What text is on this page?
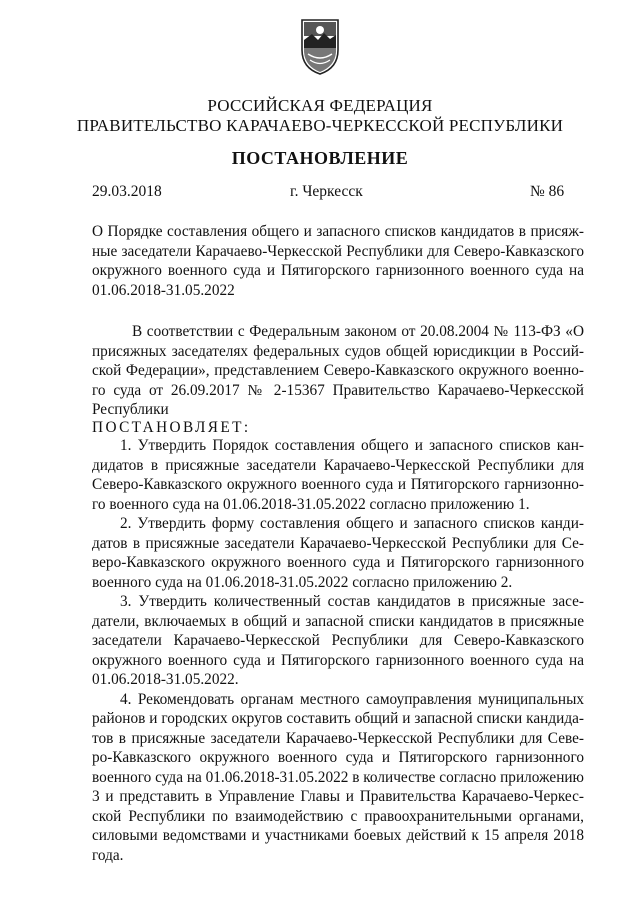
РОССИЙСКАЯ ФЕДЕРАЦИЯ
ПРАВИТЕЛЬСТВО КАРАЧАЕВО-ЧЕРКЕССКОЙ РЕСПУБЛИКИ
ПОСТАНОВЛЕНИЕ
29.03.2018	г. Черкесск	№ 86
О Порядке составления общего и запасного списков кандидатов в присяж-
ные заседатели Карачаево-Черкесской Республики для Северо-Кавказского
окружного военного суда и Пятигорского гарнизонного военного суда на
01.06.2018-31.05.2022
В соответствии с Федеральным законом от 20.08.2004 № 113-ФЗ «О
присяжных заседателях федеральных судов общей юрисдикции в Россий-
ской Федерации», представлением Северо-Кавказского окружного военно-
го суда от 26.09.2017 № 2-15367 Правительство Карачаево-Черкесской
Республики
ПОСТАНОВЛЯЕТ:
1. Утвердить Порядок составления общего и запасного списков кан-
дидатов в присяжные заседатели Карачаево-Черкесской Республики для
Северо-Кавказского окружного военного суда и Пятигорского гарнизонно-
го военного суда на 01.06.2018-31.05.2022 согласно приложению 1.
2. Утвердить форму составления общего и запасного списков канди-
датов в присяжные заседатели Карачаево-Черкесской Республики для Се-
веро-Кавказского окружного военного суда и Пятигорского гарнизонного
военного суда на 01.06.2018-31.05.2022 согласно приложению 2.
3. Утвердить количественный состав кандидатов в присяжные засе-
датели, включаемых в общий и запасной списки кандидатов в присяжные
заседатели Карачаево-Черкесской Республики для Северо-Кавказского
окружного военного суда и Пятигорского гарнизонного военного суда на
01.06.2018-31.05.2022.
4. Рекомендовать органам местного самоуправления муниципальных
районов и городских округов составить общий и запасной списки кандида-
тов в присяжные заседатели Карачаево-Черкесской Республики для Севе-
ро-Кавказского окружного военного суда и Пятигорского гарнизонного
военного суда на 01.06.2018-31.05.2022 в количестве согласно приложению
3 и представить в Управление Главы и Правительства Карачаево-Черкес-
ской Республики по взаимодействию с правоохранительными органами,
силовыми ведомствами и участниками боевых действий к 15 апреля 2018
года.
